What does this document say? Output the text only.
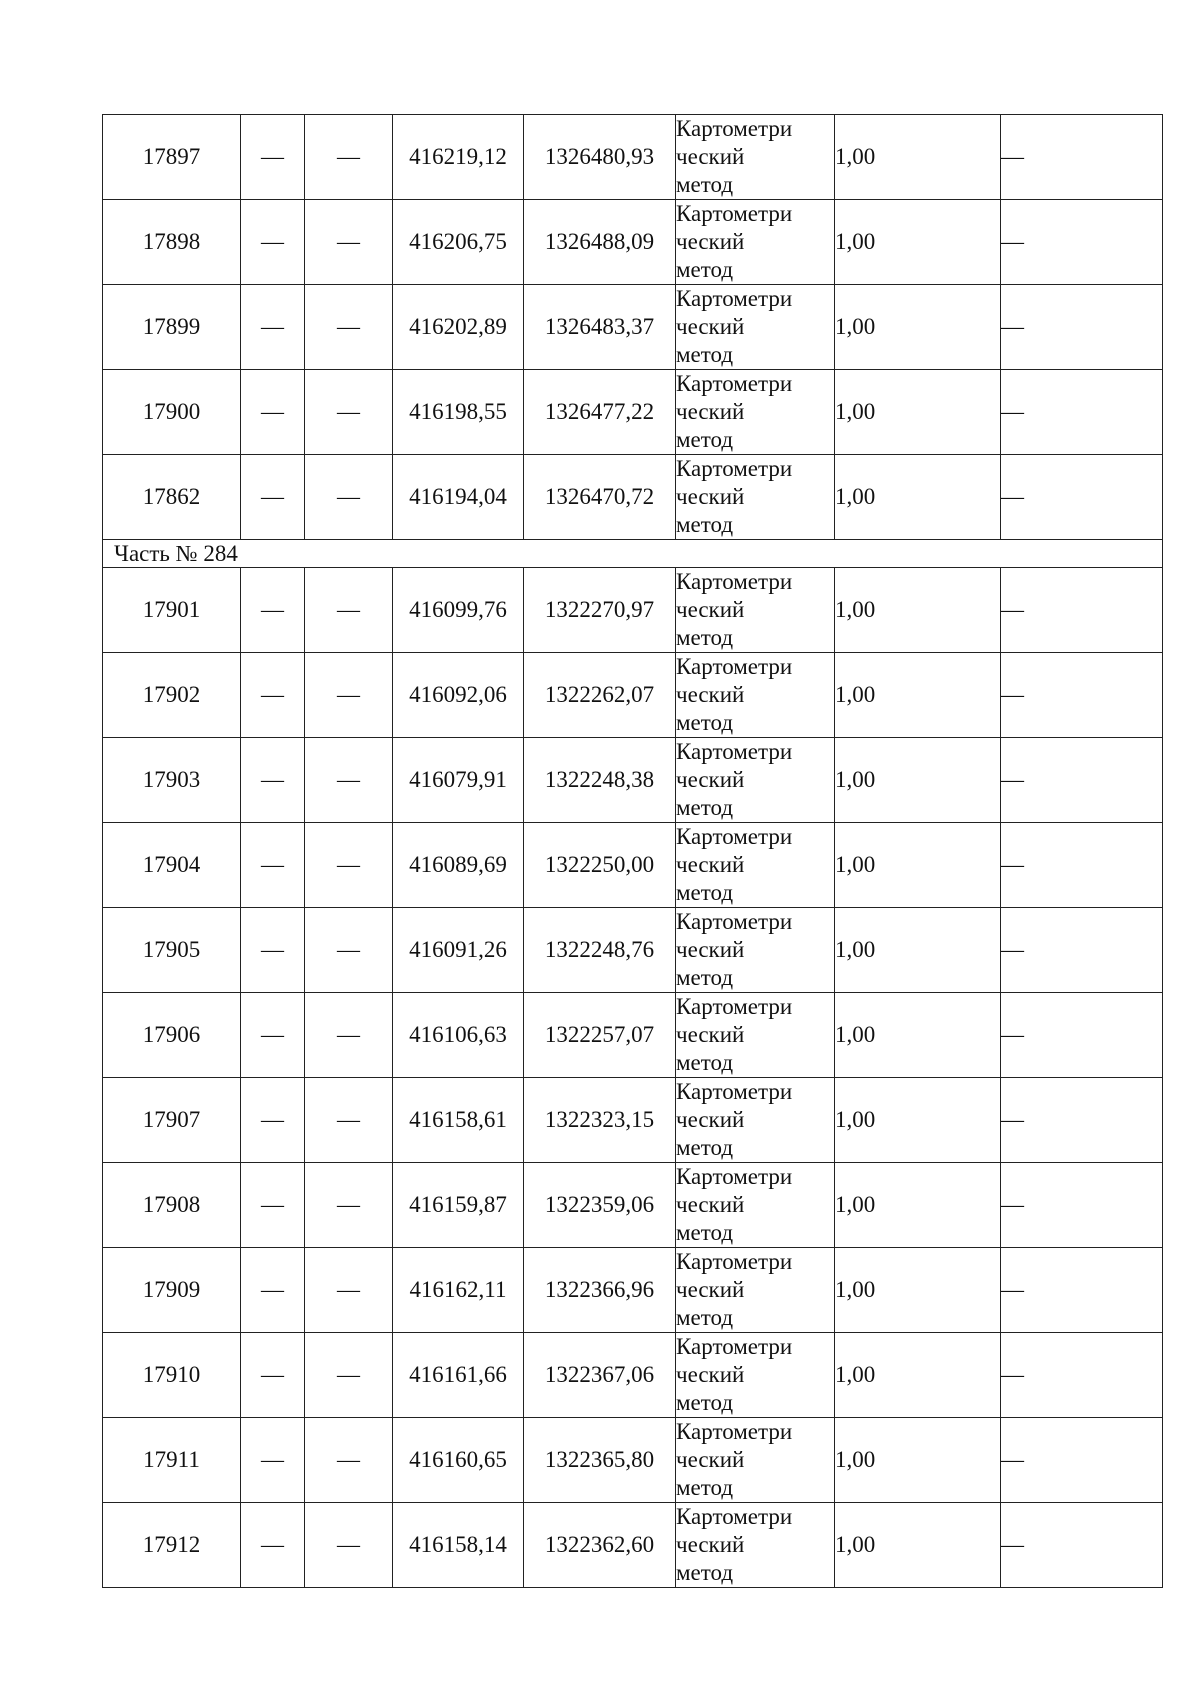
17897	—	—	416219,12	1326480,93	Картометри
ческий
метод	1,00	—
17898	—	—	416206,75	1326488,09	Картометри
ческий
метод	1,00	—
17899	—	—	416202,89	1326483,37	Картометри
ческий
метод	1,00	—
17900	—	—	416198,55	1326477,22	Картометри
ческий
метод	1,00	—
17862	—	—	416194,04	1326470,72	Картометри
ческий
метод	1,00	—
Часть № 284							
17901	—	—	416099,76	1322270,97	Картометри
ческий
метод	1,00	—
17902	—	—	416092,06	1322262,07	Картометри
ческий
метод	1,00	—
17903	—	—	416079,91	1322248,38	Картометри
ческий
метод	1,00	—
17904	—	—	416089,69	1322250,00	Картометри
ческий
метод	1,00	—
17905	—	—	416091,26	1322248,76	Картометри
ческий
метод	1,00	—
17906	—	—	416106,63	1322257,07	Картометри
ческий
метод	1,00	—
17907	—	—	416158,61	1322323,15	Картометри
ческий
метод	1,00	—
17908	—	—	416159,87	1322359,06	Картометри
ческий
метод	1,00	—
17909	—	—	416162,11	1322366,96	Картометри
ческий
метод	1,00	—
17910	—	—	416161,66	1322367,06	Картометри
ческий
метод	1,00	—
17911	—	—	416160,65	1322365,80	Картометри
ческий
метод	1,00	—
17912	—	—	416158,14	1322362,60	Картометри
ческий
метод	1,00	—
